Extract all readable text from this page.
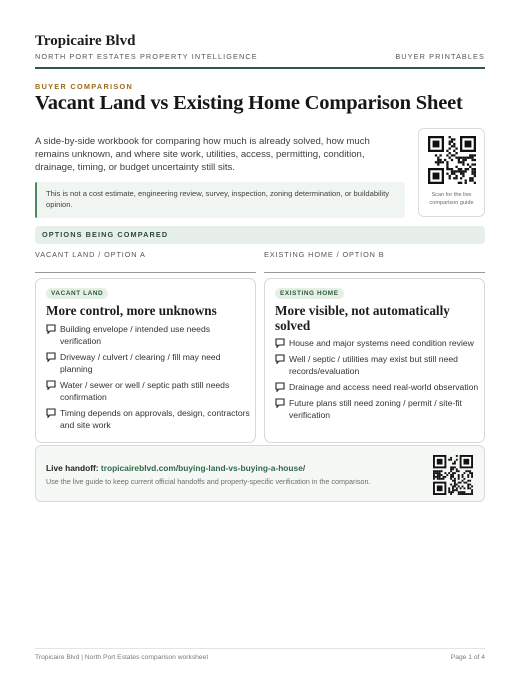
Tropicaire Blvd
NORTH PORT ESTATES PROPERTY INTELLIGENCE	BUYER PRINTABLES
BUYER COMPARISON
Vacant Land vs Existing Home Comparison Sheet

A side-by-side workbook for comparing how much is already solved, how much remains unknown, and where site work, utilities, access, permitting, condition, drainage, timing, or budget uncertainty still sits.

This is not a cost estimate, engineering review, survey, inspection, zoning determination, or buildability opinion.
Scan for the live comparison guide
OPTIONS BEING COMPARED
VACANT LAND / OPTION A	EXISTING HOME / OPTION B
VACANT LAND
More control, more unknowns
Building envelope / intended use needs verification
Driveway / culvert / clearing / fill may need planning
Water / sewer or well / septic path still needs confirmation
Timing depends on approvals, design, contractors and site work
EXISTING HOME
More visible, not automatically solved
House and major systems need condition review
Well / septic / utilities may exist but still need records/evaluation
Drainage and access need real-world observation
Future plans still need zoning / permit / site-fit verification
Live handoff: tropicaireblvd.com/buying-land-vs-buying-a-house/
Use the live guide to keep current official handoffs and property-specific verification in the comparison.
Tropicaire Blvd | North Port Estates comparison worksheet	Page 1 of 4
